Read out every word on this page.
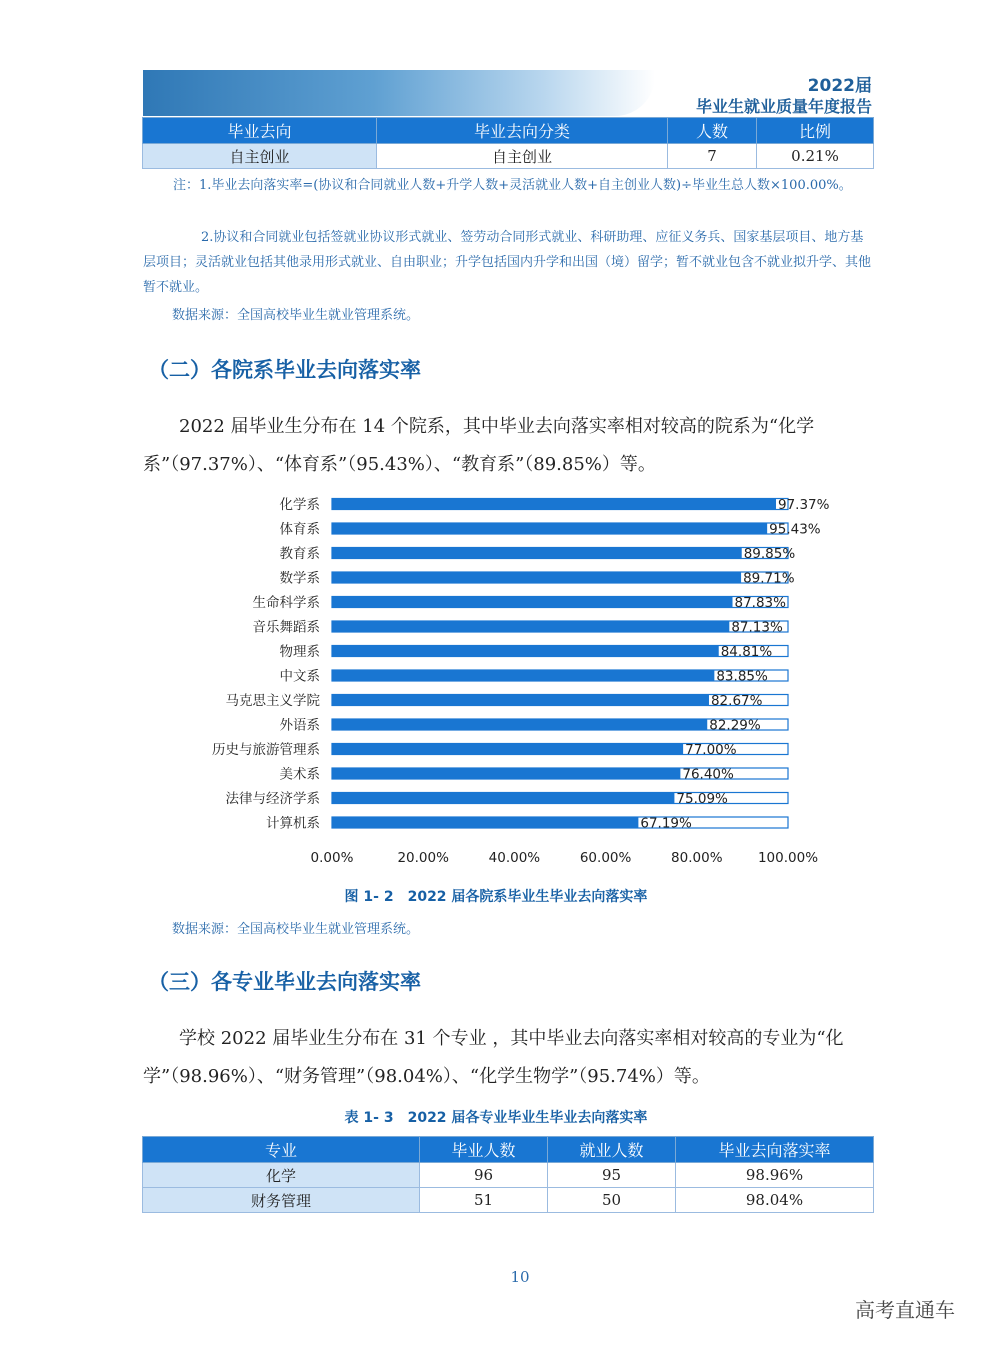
2022届
毕业生就业质量年度报告
毕业去向	毕业去向分类	人数	比例
自主创业	自主创业	7	0.21%
注：1.毕业去向落实率=(协议和合同就业人数+升学人数+灵活就业人数+自主创业人数)÷毕业生总人数×100.00%。
2.协议和合同就业包括签就业协议形式就业、签劳动合同形式就业、科研助理、应征义务兵、国家基层项目、地方基层项目；灵活就业包括其他录用形式就业、自由职业；升学包括国内升学和出国（境）留学；暂不就业包含不就业拟升学、其他暂不就业。
数据来源：全国高校毕业生就业管理系统。
（二）各院系毕业去向落实率
2022 届毕业生分布在 14 个院系，其中毕业去向落实率相对较高的院系为“化学系”（97.37%）、“体育系”（95.43%）、“教育系”（89.85%）等。
化学系	97.37%
体育系	95.43%
教育系	89.85%
数学系	89.71%
生命科学系	87.83%
音乐舞蹈系	87.13%
物理系	84.81%
中文系	83.85%
马克思主义学院	82.67%
外语系	82.29%
历史与旅游管理系	77.00%
美术系	76.40%
法律与经济学系	75.09%
计算机系	67.19%
0.00%	20.00%	40.00%	60.00%	80.00%	100.00%
图 1- 2　2022 届各院系毕业生毕业去向落实率
数据来源：全国高校毕业生就业管理系统。
（三）各专业毕业去向落实率
学校 2022 届毕业生分布在 31 个专业 ，其中毕业去向落实率相对较高的专业为“化学”（98.96%）、“财务管理”（98.04%）、“化学生物学”（95.74%）等。
表 1- 3　2022 届各专业毕业生毕业去向落实率
专业	毕业人数	就业人数	毕业去向落实率
化学	96	95	98.96%
财务管理	51	50	98.04%
10
高考直通车
